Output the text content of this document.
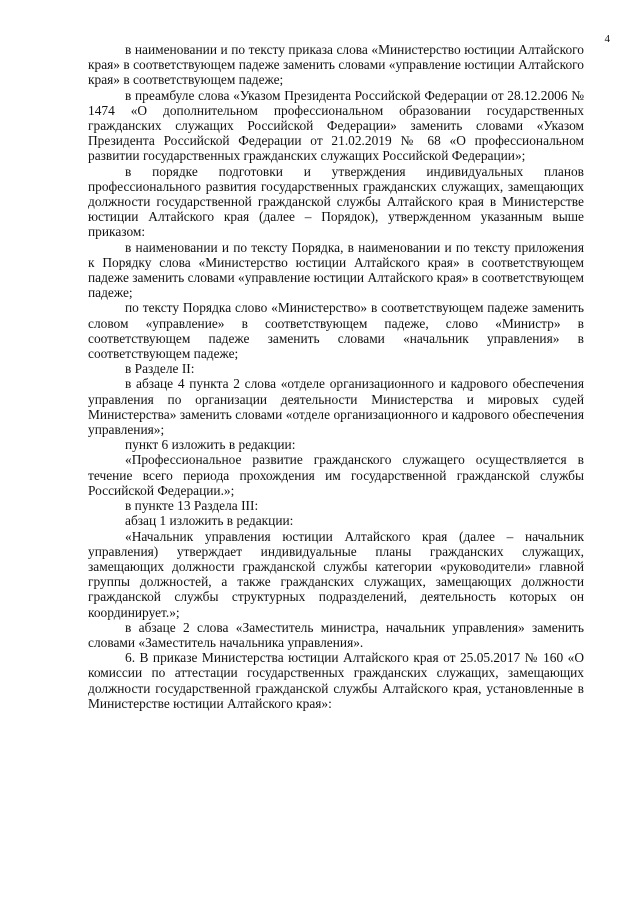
4

в наименовании и по тексту приказа слова «Министерство юстиции Алтайского края» в соответствующем падеже заменить словами «управление юстиции Алтайского края» в соответствующем падеже;

в преамбуле слова «Указом Президента Российской Федерации от 28.12.2006 № 1474 «О дополнительном профессиональном образовании государственных гражданских служащих Российской Федерации» заменить словами «Указом Президента Российской Федерации от 21.02.2019 № 68 «О профессиональном развитии государственных гражданских служащих Российской Федерации»;

в порядке подготовки и утверждения индивидуальных планов профессионального развития государственных гражданских служащих, замещающих должности государственной гражданской службы Алтайского края в Министерстве юстиции Алтайского края (далее – Порядок), утвержденном указанным выше приказом:

в наименовании и по тексту Порядка, в наименовании и по тексту приложения к Порядку слова «Министерство юстиции Алтайского края» в соответствующем падеже заменить словами «управление юстиции Алтайского края» в соответствующем падеже;

по тексту Порядка слово «Министерство» в соответствующем падеже заменить словом «управление» в соответствующем падеже, слово «Министр» в соответствующем падеже заменить словами «начальник управления» в соответствующем падеже;

в Разделе II:

в абзаце 4 пункта 2 слова «отделе организационного и кадрового обеспечения управления по организации деятельности Министерства и мировых судей Министерства» заменить словами «отделе организационного и кадрового обеспечения управления»;

пункт 6 изложить в редакции:

«Профессиональное развитие гражданского служащего осуществляется в течение всего периода прохождения им государственной гражданской службы Российской Федерации.»;

в пункте 13 Раздела III:

абзац 1 изложить в редакции:

«Начальник управления юстиции Алтайского края (далее – начальник управления) утверждает индивидуальные планы гражданских служащих, замещающих должности гражданской службы категории «руководители» главной группы должностей, а также гражданских служащих, замещающих должности гражданской службы структурных подразделений, деятельность которых он координирует.»;

в абзаце 2 слова «Заместитель министра, начальник управления» заменить словами «Заместитель начальника управления».

6. В приказе Министерства юстиции Алтайского края от 25.05.2017 № 160 «О комиссии по аттестации государственных гражданских служащих, замещающих должности государственной гражданской службы Алтайского края, установленные в Министерстве юстиции Алтайского края»:
